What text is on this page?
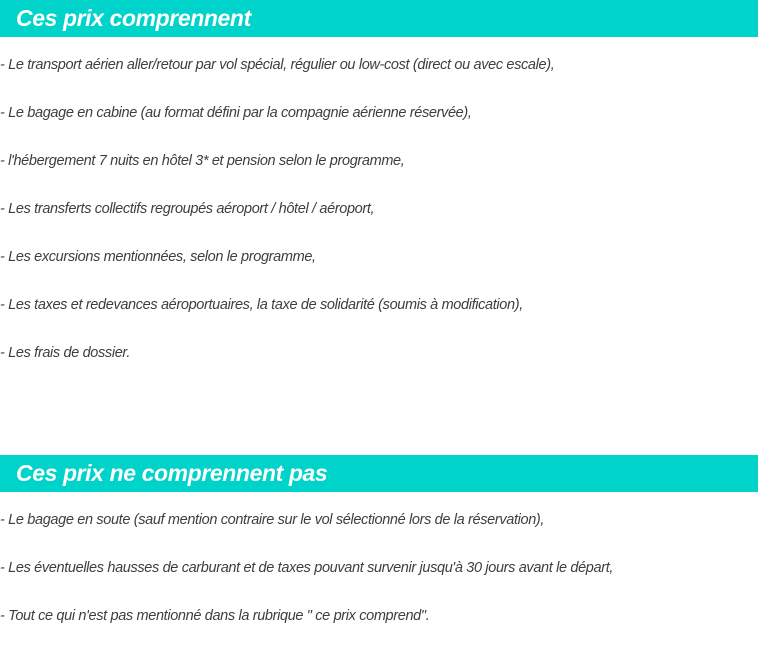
Ces prix comprennent
- Le transport aérien aller/retour par vol spécial, régulier ou low-cost (direct ou avec escale),
- Le bagage en cabine (au format défini par la compagnie aérienne réservée),
- l'hébergement 7 nuits en hôtel 3* et pension selon le programme,
- Les transferts collectifs regroupés aéroport / hôtel / aéroport,
- Les excursions mentionnées, selon le programme,
- Les taxes et redevances aéroportuaires, la taxe de solidarité (soumis à modification),
- Les frais de dossier.
Ces prix ne comprennent pas
- Le bagage en soute (sauf mention contraire sur le vol sélectionné lors de la réservation),
- Les éventuelles hausses de carburant et de taxes pouvant survenir jusqu'à 30 jours avant le départ,
- Tout ce qui n'est pas mentionné dans la rubrique " ce prix comprend".
